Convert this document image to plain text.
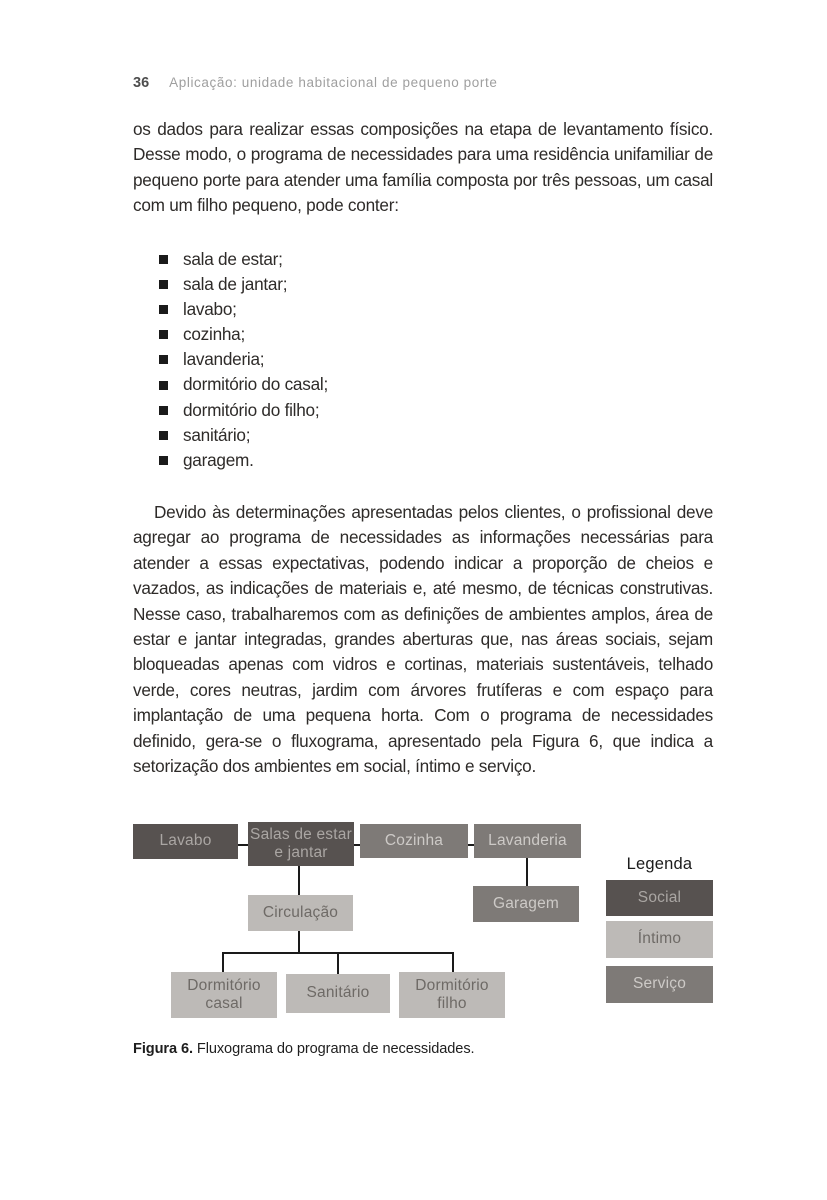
36 Aplicação: unidade habitacional de pequeno porte

os dados para realizar essas composições na etapa de levantamento físico. Desse modo, o programa de necessidades para uma residência unifamiliar de pequeno porte para atender uma família composta por três pessoas, um casal com um filho pequeno, pode conter:

sala de estar;
sala de jantar;
lavabo;
cozinha;
lavanderia;
dormitório do casal;
dormitório do filho;
sanitário;
garagem.

Devido às determinações apresentadas pelos clientes, o profissional deve agregar ao programa de necessidades as informações necessárias para atender a essas expectativas, podendo indicar a proporção de cheios e vazados, as indicações de materiais e, até mesmo, de técnicas construtivas. Nesse caso, trabalharemos com as definições de ambientes amplos, área de estar e jantar integradas, grandes aberturas que, nas áreas sociais, sejam bloqueadas apenas com vidros e cortinas, materiais sustentáveis, telhado verde, cores neutras, jardim com árvores frutíferas e com espaço para implantação de uma pequena horta. Com o programa de necessidades definido, gera-se o fluxograma, apresentado pela Figura 6, que indica a setorização dos ambientes em social, íntimo e serviço.

Lavabo	Salas de estar e jantar
Cozinha	Lavanderia
Garagem
Circulação
Dormitório casal
Sanitário	Dormitório filho
Legenda
Social
Íntimo
Serviço

Figura 6. Fluxograma do programa de necessidades.
